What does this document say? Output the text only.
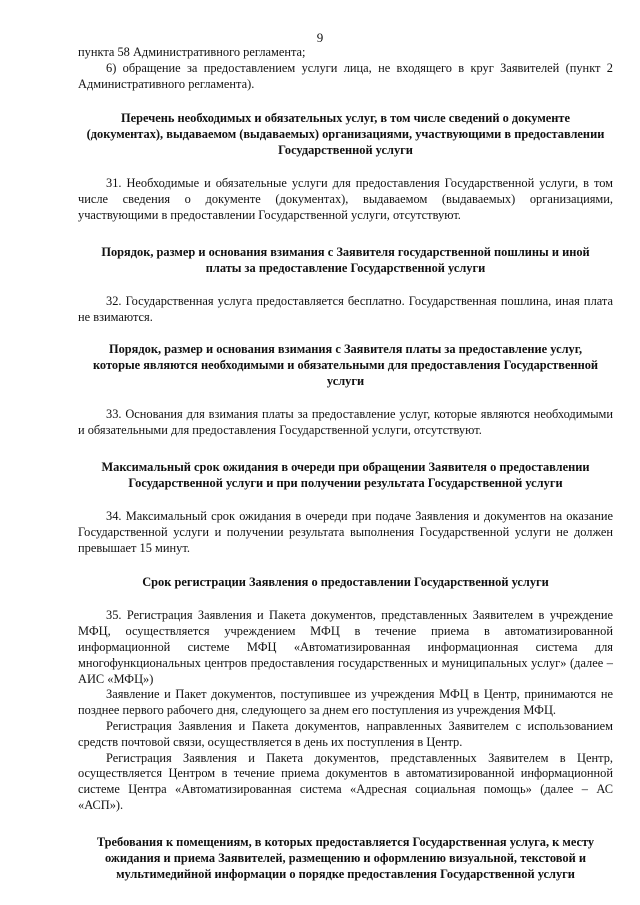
9

пункта 58 Административного регламента;

6) обращение за предоставлением услуги лица, не входящего в круг Заявителей (пункт 2 Административного регламента).

Перечень необходимых и обязательных услуг, в том числе сведений о документе (документах), выдаваемом (выдаваемых) организациями, участвующими в предоставлении Государственной услуги

31. Необходимые и обязательные услуги для предоставления Государственной услуги, в том числе сведения о документе (документах), выдаваемом (выдаваемых) организациями, участвующими в предоставлении Государственной услуги, отсутствуют.

Порядок, размер и основания взимания с Заявителя государственной пошлины и иной платы за предоставление Государственной услуги

32. Государственная услуга предоставляется бесплатно. Государственная пошлина, иная плата не взимаются.

Порядок, размер и основания взимания с Заявителя платы за предоставление услуг, которые являются необходимыми и обязательными для предоставления Государственной услуги

33. Основания для взимания платы за предоставление услуг, которые являются необходимыми и обязательными для предоставления Государственной услуги, отсутствуют.

Максимальный срок ожидания в очереди при обращении Заявителя о предоставлении Государственной услуги и при получении результата Государственной услуги

34. Максимальный срок ожидания в очереди при подаче Заявления и документов на оказание Государственной услуги и получении результата выполнения Государственной услуги не должен превышает 15 минут.

Срок регистрации Заявления о предоставлении Государственной услуги

35. Регистрация Заявления и Пакета документов, представленных Заявителем в учреждение МФЦ, осуществляется учреждением МФЦ в течение приема в автоматизированной информационной системе МФЦ «Автоматизированная информационная система для многофункциональных центров предоставления государственных и муниципальных услуг» (далее – АИС «МФЦ»)

Заявление и Пакет документов, поступившее из учреждения МФЦ в Центр, принимаются не позднее первого рабочего дня, следующего за днем его поступления из учреждения МФЦ.

Регистрация Заявления и Пакета документов, направленных Заявителем с использованием средств почтовой связи, осуществляется в день их поступления в Центр.

Регистрация Заявления и Пакета документов, представленных Заявителем в Центр, осуществляется Центром в течение приема документов в автоматизированной информационной системе Центра «Автоматизированная система «Адресная социальная помощь» (далее – АС «АСП»).

Требования к помещениям, в которых предоставляется Государственная услуга, к месту ожидания и приема Заявителей, размещению и оформлению визуальной, текстовой и мультимедийной информации о порядке предоставления Государственной услуги
